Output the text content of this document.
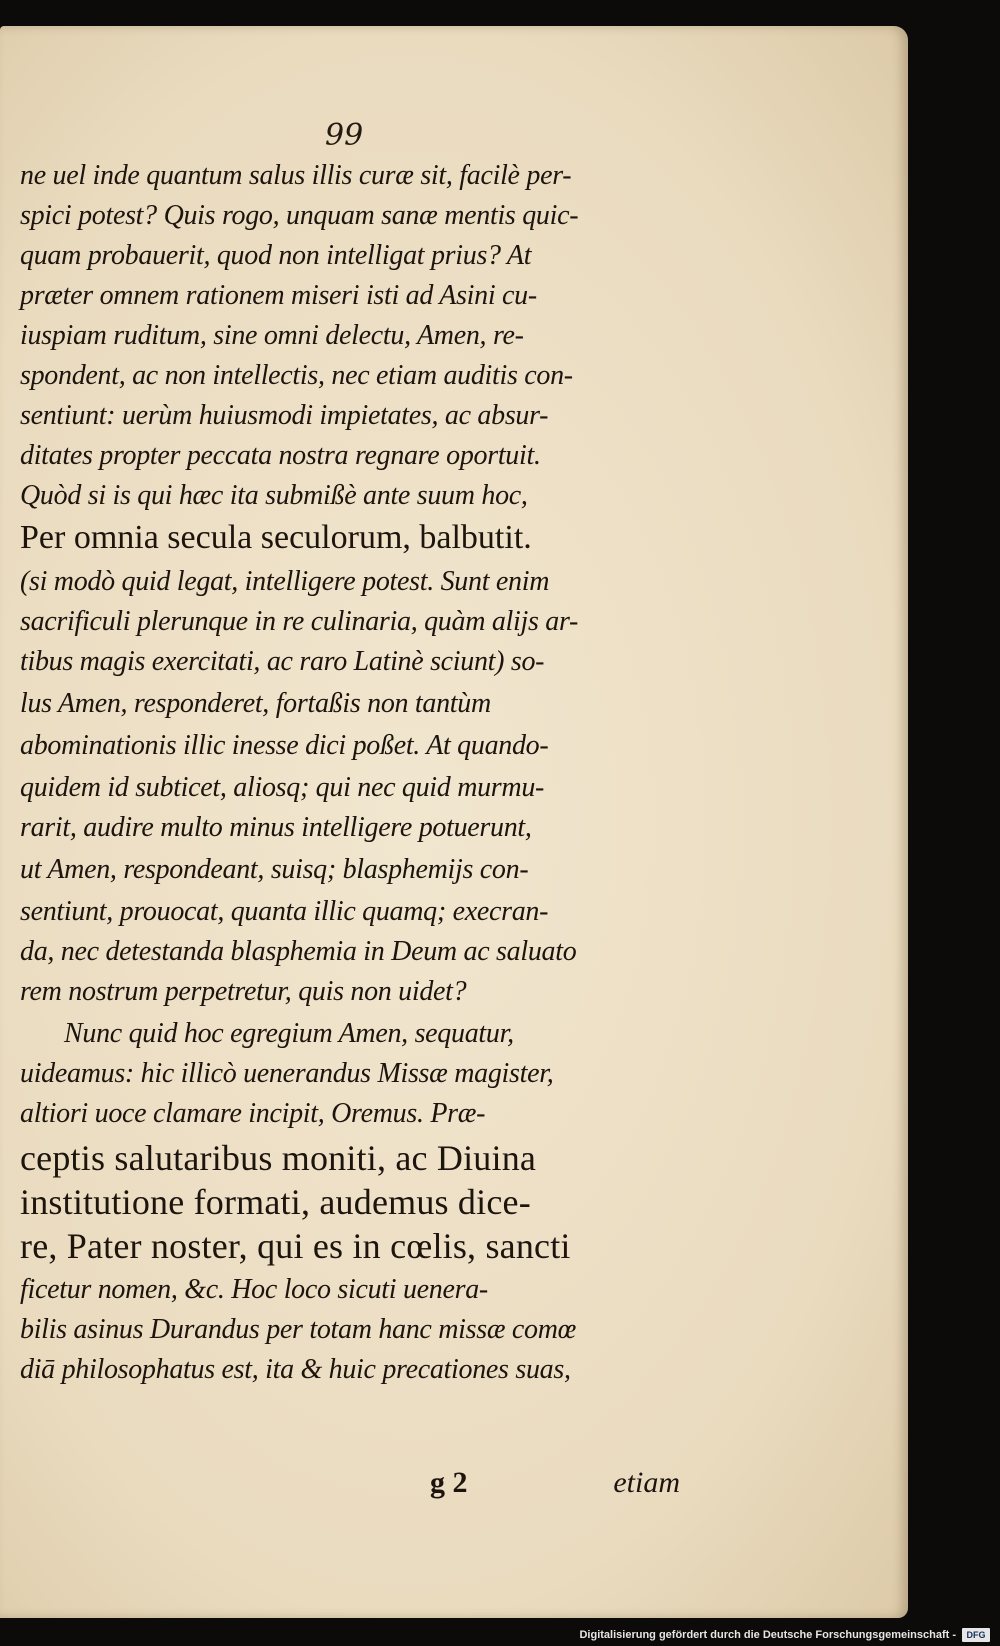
99
ne uel inde quantum salus illis curæ sit, facilè per-
spici potest? Quis rogo, unquam sanæ mentis quic-
quam probauerit, quod non intelligat prius? At
præter omnem rationem miseri isti ad Asini cu-
iuspiam ruditum, sine omni delectu, Amen, re-
spondent, ac non intellectis, nec etiam auditis con-
sentiunt: uerùm huiusmodi impietates, ac absur-
ditates propter peccata nostra regnare oportuit.
Quòd si is qui hæc ita submißè ante suum hoc,
Per omnia secula seculorum, balbutit.
(si modò quid legat, intelligere potest. Sunt enim
sacrificuli plerunque in re culinaria, quàm alijs ar-
tibus magis exercitati, ac raro Latinè sciunt) so-
lus Amen, responderet, fortaßis non tantùm
abominationis illic inesse dici poßet. At quando-
quidem id subticet, aliosq; qui nec quid murmu-
rarit, audire multo minus intelligere potuerunt,
ut Amen, respondeant, suisq; blasphemijs con-
sentiunt, prouocat, quanta illic quamq; execran-
da, nec detestanda blasphemia in Deum ac saluato
rem nostrum perpetretur, quis non uidet?
Nunc quid hoc egregium Amen, sequatur,
uideamus: hic illicò uenerandus Missæ magister,
altiori uoce clamare incipit, Oremus. Præ-
ceptis salutaribus moniti, ac Diuina
institutione formati, audemus dice-
re, Pater noster, qui es in cœlis, sancti
ficetur nomen, &c. Hoc loco sicuti uenera-
bilis asinus Durandus per totam hanc missæ comœ
diā philosophatus est, ita & huic precationes suas,
g 2	etiam
Digitalisierung gefördert durch die Deutsche Forschungsgemeinschaft -	DFG
